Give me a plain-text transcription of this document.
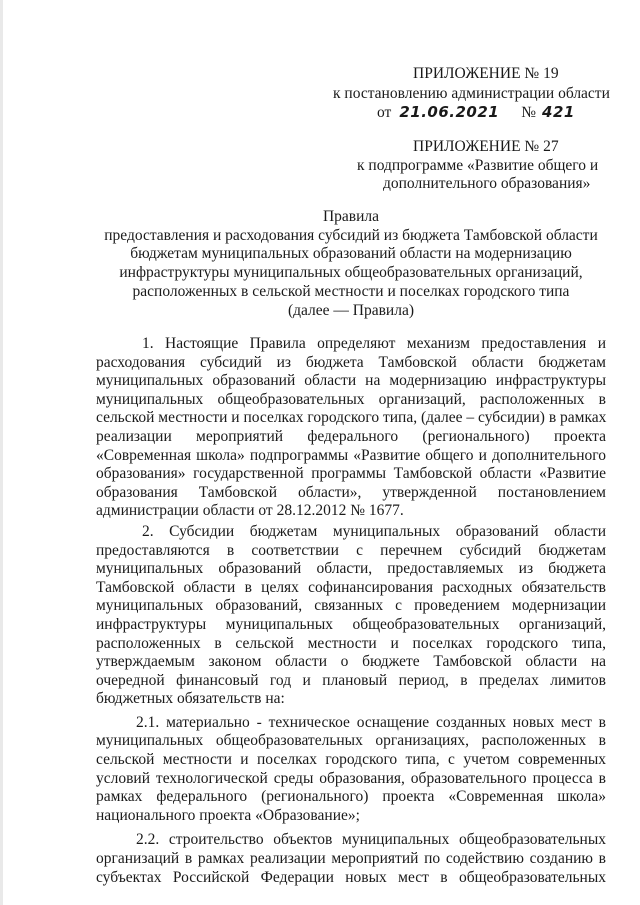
ПРИЛОЖЕНИЕ № 19
к постановлению администрации области
от 21.06.2021 № 421
ПРИЛОЖЕНИЕ № 27
к подпрограмме «Развитие общего и
дополнительного образования»
Правила
предоставления и расходования субсидий из бюджета Тамбовской области
бюджетам муниципальных образований области на модернизацию
инфраструктуры муниципальных общеобразовательных организаций,
расположенных в сельской местности и поселках городского типа
(далее — Правила)
1. Настоящие Правила определяют механизм предоставления и
расходования субсидий из бюджета Тамбовской области бюджетам
муниципальных образований области на модернизацию инфраструктуры
муниципальных общеобразовательных организаций, расположенных в
сельской местности и поселках городского типа, (далее – субсидии) в рамках
реализации мероприятий федерального (регионального) проекта
«Современная школа» подпрограммы «Развитие общего и дополнительного
образования» государственной программы Тамбовской области «Развитие
образования Тамбовской области», утвержденной постановлением
администрации области от 28.12.2012 № 1677.
2. Субсидии бюджетам муниципальных образований области
предоставляются в соответствии с перечнем субсидий бюджетам
муниципальных образований области, предоставляемых из бюджета
Тамбовской области в целях софинансирования расходных обязательств
муниципальных образований, связанных с проведением модернизации
инфраструктуры муниципальных общеобразовательных организаций,
расположенных в сельской местности и поселках городского типа,
утверждаемым законом области о бюджете Тамбовской области на
очередной финансовый год и плановый период, в пределах лимитов
бюджетных обязательств на:
2.1. материально - техническое оснащение созданных новых мест в
муниципальных общеобразовательных организациях, расположенных в
сельской местности и поселках городского типа, с учетом современных
условий технологической среды образования, образовательного процесса в
рамках федерального (регионального) проекта «Современная школа»
национального проекта «Образование»;
2.2. строительство объектов муниципальных общеобразовательных
организаций в рамках реализации мероприятий по содействию созданию в
субъектах Российской Федерации новых мест в общеобразовательных
